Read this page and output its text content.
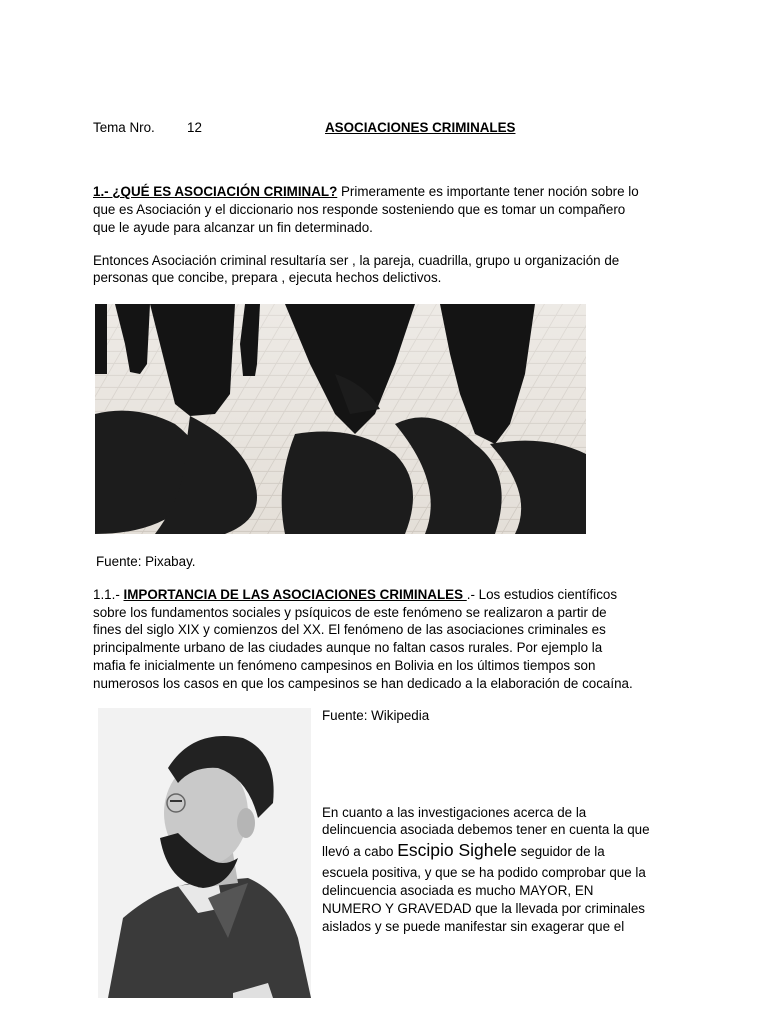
Tema Nro. 12	ASOCIACIONES CRIMINALES
1.- ¿QUÉ ES ASOCIACIÓN CRIMINAL? Primeramente es importante tener noción sobre lo
que es Asociación y el diccionario nos responde sosteniendo que es tomar un compañero
que le ayude para alcanzar un fin determinado.
Entonces Asociación criminal resultaría ser , la pareja, cuadrilla, grupo u organización de
personas que concibe, prepara , ejecuta hechos delictivos.
Fuente: Pixabay.
1.1.- IMPORTANCIA DE LAS ASOCIACIONES CRIMINALES .- Los estudios científicos
sobre los fundamentos sociales y psíquicos de este fenómeno se realizaron a partir de
fines del siglo XIX y comienzos del XX. El fenómeno de las asociaciones criminales es
principalmente urbano de las ciudades aunque no faltan casos rurales. Por ejemplo la
mafia fe inicialmente un fenómeno campesinos en Bolivia en los últimos tiempos son
numerosos los casos en que los campesinos se han dedicado a la elaboración de cocaína.
Fuente: Wikipedia
En cuanto a las investigaciones acerca de la
delincuencia asociada debemos tener en cuenta la que
llevó a cabo Escipio Sighele seguidor de la
escuela positiva, y que se ha podido comprobar que la
delincuencia asociada es mucho MAYOR, EN
NUMERO Y GRAVEDAD que la llevada por criminales
aislados y se puede manifestar sin exagerar que el
